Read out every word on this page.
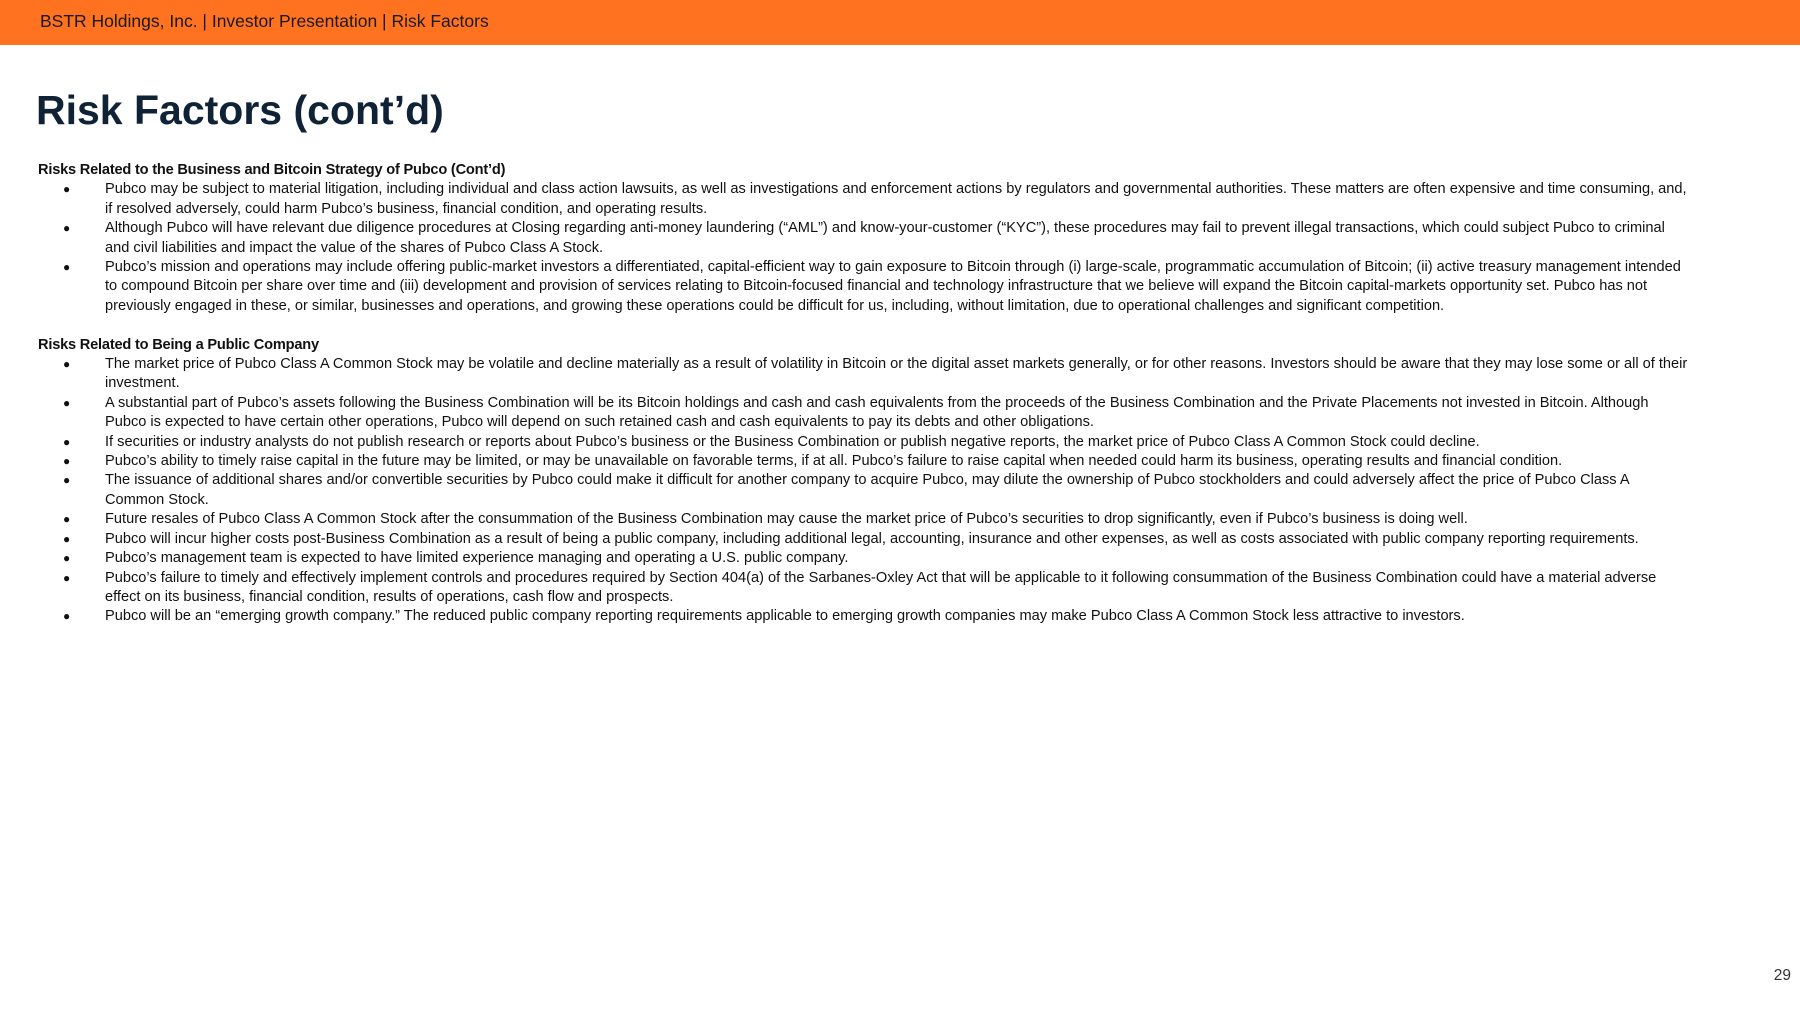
BSTR Holdings, Inc. | Investor Presentation | Risk Factors
Risk Factors (cont’d)
Risks Related to the Business and Bitcoin Strategy of Pubco (Cont’d)
● Pubco may be subject to material litigation, including individual and class action lawsuits, as well as investigations and enforcement actions by regulators and governmental authorities. These matters are often expensive and time consuming, and, if resolved adversely, could harm Pubco’s business, financial condition, and operating results.
● Although Pubco will have relevant due diligence procedures at Closing regarding anti-money laundering (“AML”) and know-your-customer (“KYC”), these procedures may fail to prevent illegal transactions, which could subject Pubco to criminal and civil liabilities and impact the value of the shares of Pubco Class A Stock.
● Pubco’s mission and operations may include offering public-market investors a differentiated, capital-efficient way to gain exposure to Bitcoin through (i) large-scale, programmatic accumulation of Bitcoin; (ii) active treasury management intended to compound Bitcoin per share over time and (iii) development and provision of services relating to Bitcoin-focused financial and technology infrastructure that we believe will expand the Bitcoin capital-markets opportunity set. Pubco has not previously engaged in these, or similar, businesses and operations, and growing these operations could be difficult for us, including, without limitation, due to operational challenges and significant competition.
Risks Related to Being a Public Company
● The market price of Pubco Class A Common Stock may be volatile and decline materially as a result of volatility in Bitcoin or the digital asset markets generally, or for other reasons. Investors should be aware that they may lose some or all of their investment.
● A substantial part of Pubco’s assets following the Business Combination will be its Bitcoin holdings and cash and cash equivalents from the proceeds of the Business Combination and the Private Placements not invested in Bitcoin. Although Pubco is expected to have certain other operations, Pubco will depend on such retained cash and cash equivalents to pay its debts and other obligations.
● If securities or industry analysts do not publish research or reports about Pubco’s business or the Business Combination or publish negative reports, the market price of Pubco Class A Common Stock could decline.
● Pubco’s ability to timely raise capital in the future may be limited, or may be unavailable on favorable terms, if at all. Pubco’s failure to raise capital when needed could harm its business, operating results and financial condition.
● The issuance of additional shares and/or convertible securities by Pubco could make it difficult for another company to acquire Pubco, may dilute the ownership of Pubco stockholders and could adversely affect the price of Pubco Class A Common Stock.
● Future resales of Pubco Class A Common Stock after the consummation of the Business Combination may cause the market price of Pubco’s securities to drop significantly, even if Pubco’s business is doing well.
● Pubco will incur higher costs post-Business Combination as a result of being a public company, including additional legal, accounting, insurance and other expenses, as well as costs associated with public company reporting requirements.
● Pubco’s management team is expected to have limited experience managing and operating a U.S. public company.
● Pubco’s failure to timely and effectively implement controls and procedures required by Section 404(a) of the Sarbanes-Oxley Act that will be applicable to it following consummation of the Business Combination could have a material adverse effect on its business, financial condition, results of operations, cash flow and prospects.
● Pubco will be an “emerging growth company.” The reduced public company reporting requirements applicable to emerging growth companies may make Pubco Class A Common Stock less attractive to investors.
29
